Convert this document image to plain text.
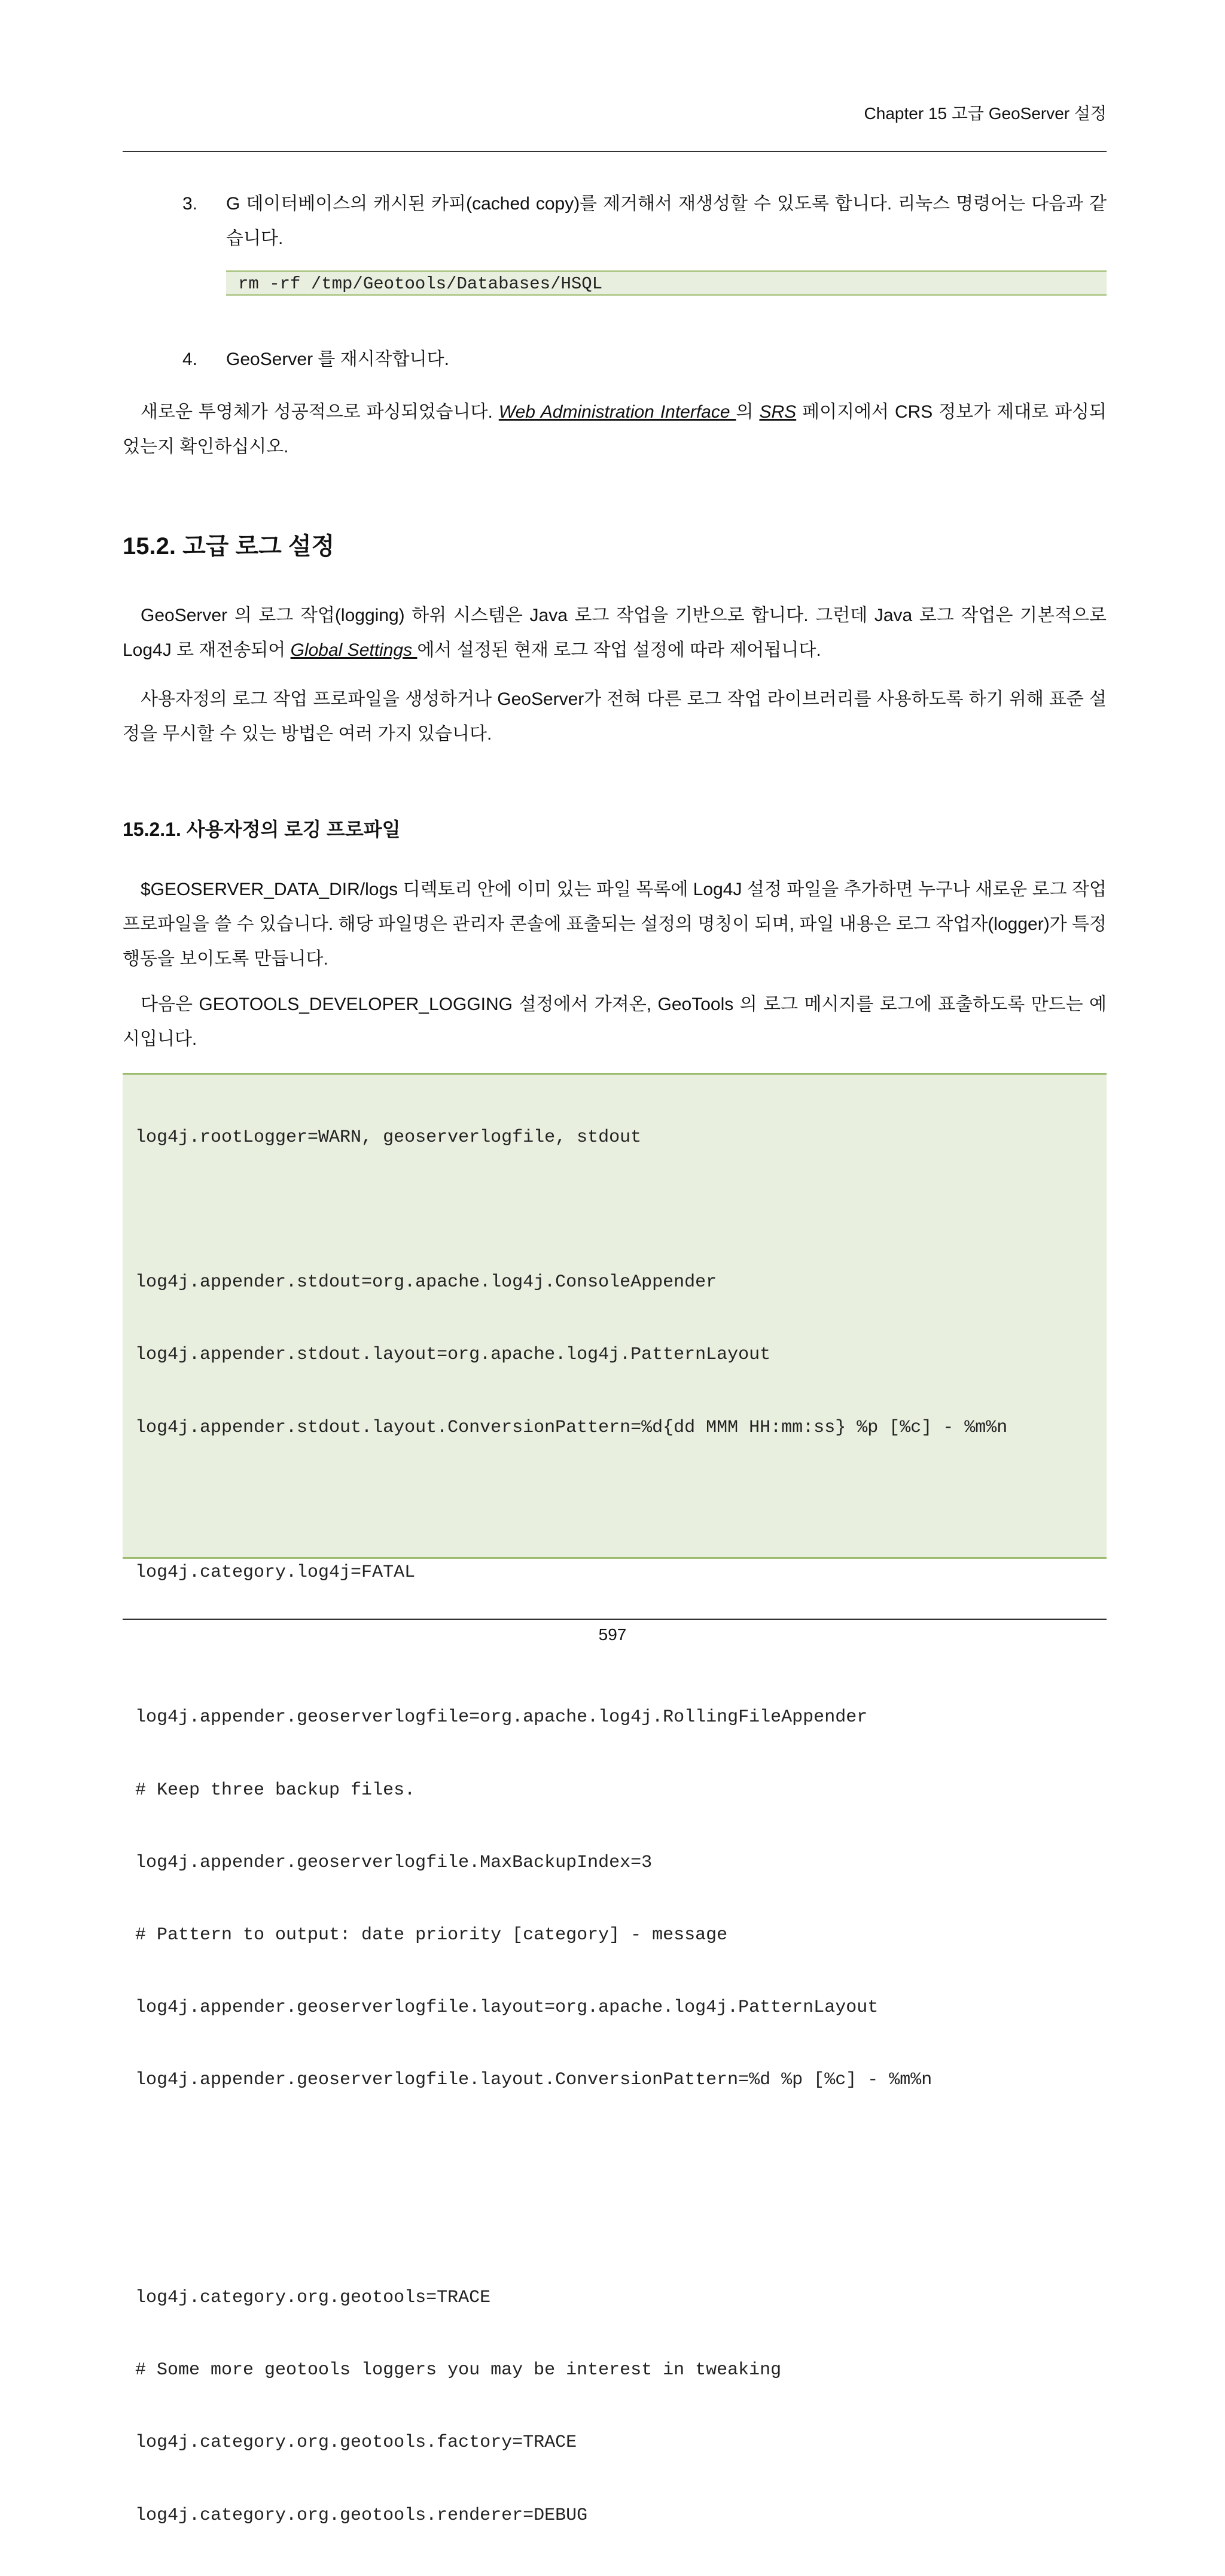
Chapter 15 고급 GeoServer 설정
3. G 데이터베이스의 캐시된 카피(cached copy)를 제거해서 재생성할 수 있도록 합니다. 리눅스 명령어는 다음과 같습니다.
rm -rf /tmp/Geotools/Databases/HSQL
4. GeoServer 를 재시작합니다.
새로운 투영체가 성공적으로 파싱되었습니다. Web Administration Interface 의 SRS 페이지에서 CRS 정보가 제대로 파싱되었는지 확인하십시오.
15.2. 고급 로그 설정
GeoServer 의 로그 작업(logging) 하위 시스템은 Java 로그 작업을 기반으로 합니다. 그런데 Java 로그 작업은 기본적으로 Log4J 로 재전송되어 Global Settings 에서 설정된 현재 로그 작업 설정에 따라 제어됩니다.
사용자정의 로그 작업 프로파일을 생성하거나 GeoServer가 전혀 다른 로그 작업 라이브러리를 사용하도록 하기 위해 표준 설정을 무시할 수 있는 방법은 여러 가지 있습니다.
15.2.1. 사용자정의 로깅 프로파일
$GEOSERVER_DATA_DIR/logs 디렉토리 안에 이미 있는 파일 목록에 Log4J 설정 파일을 추가하면 누구나 새로운 로그 작업 프로파일을 쓸 수 있습니다. 해당 파일명은 관리자 콘솔에 표출되는 설정의 명칭이 되며, 파일 내용은 로그 작업자(logger)가 특정 행동을 보이도록 만듭니다.
다음은 GEOTOOLS_DEVELOPER_LOGGING 설정에서 가져온, GeoTools 의 로그 메시지를 로그에 표출하도록 만드는 예시입니다.

log4j.rootLogger=WARN, geoserverlogfile, stdout

log4j.appender.stdout=org.apache.log4j.ConsoleAppender

log4j.appender.stdout.layout=org.apache.log4j.PatternLayout

log4j.appender.stdout.layout.ConversionPattern=%d{dd MMM HH:mm:ss} %p [%c] - %m%n

log4j.category.log4j=FATAL

log4j.appender.geoserverlogfile=org.apache.log4j.RollingFileAppender

# Keep three backup files.

log4j.appender.geoserverlogfile.MaxBackupIndex=3

# Pattern to output: date priority [category] - message

log4j.appender.geoserverlogfile.layout=org.apache.log4j.PatternLayout

log4j.appender.geoserverlogfile.layout.ConversionPattern=%d %p [%c] - %m%n

log4j.category.org.geotools=TRACE

# Some more geotools loggers you may be interest in tweaking

log4j.category.org.geotools.factory=TRACE

log4j.category.org.geotools.renderer=DEBUG

597
